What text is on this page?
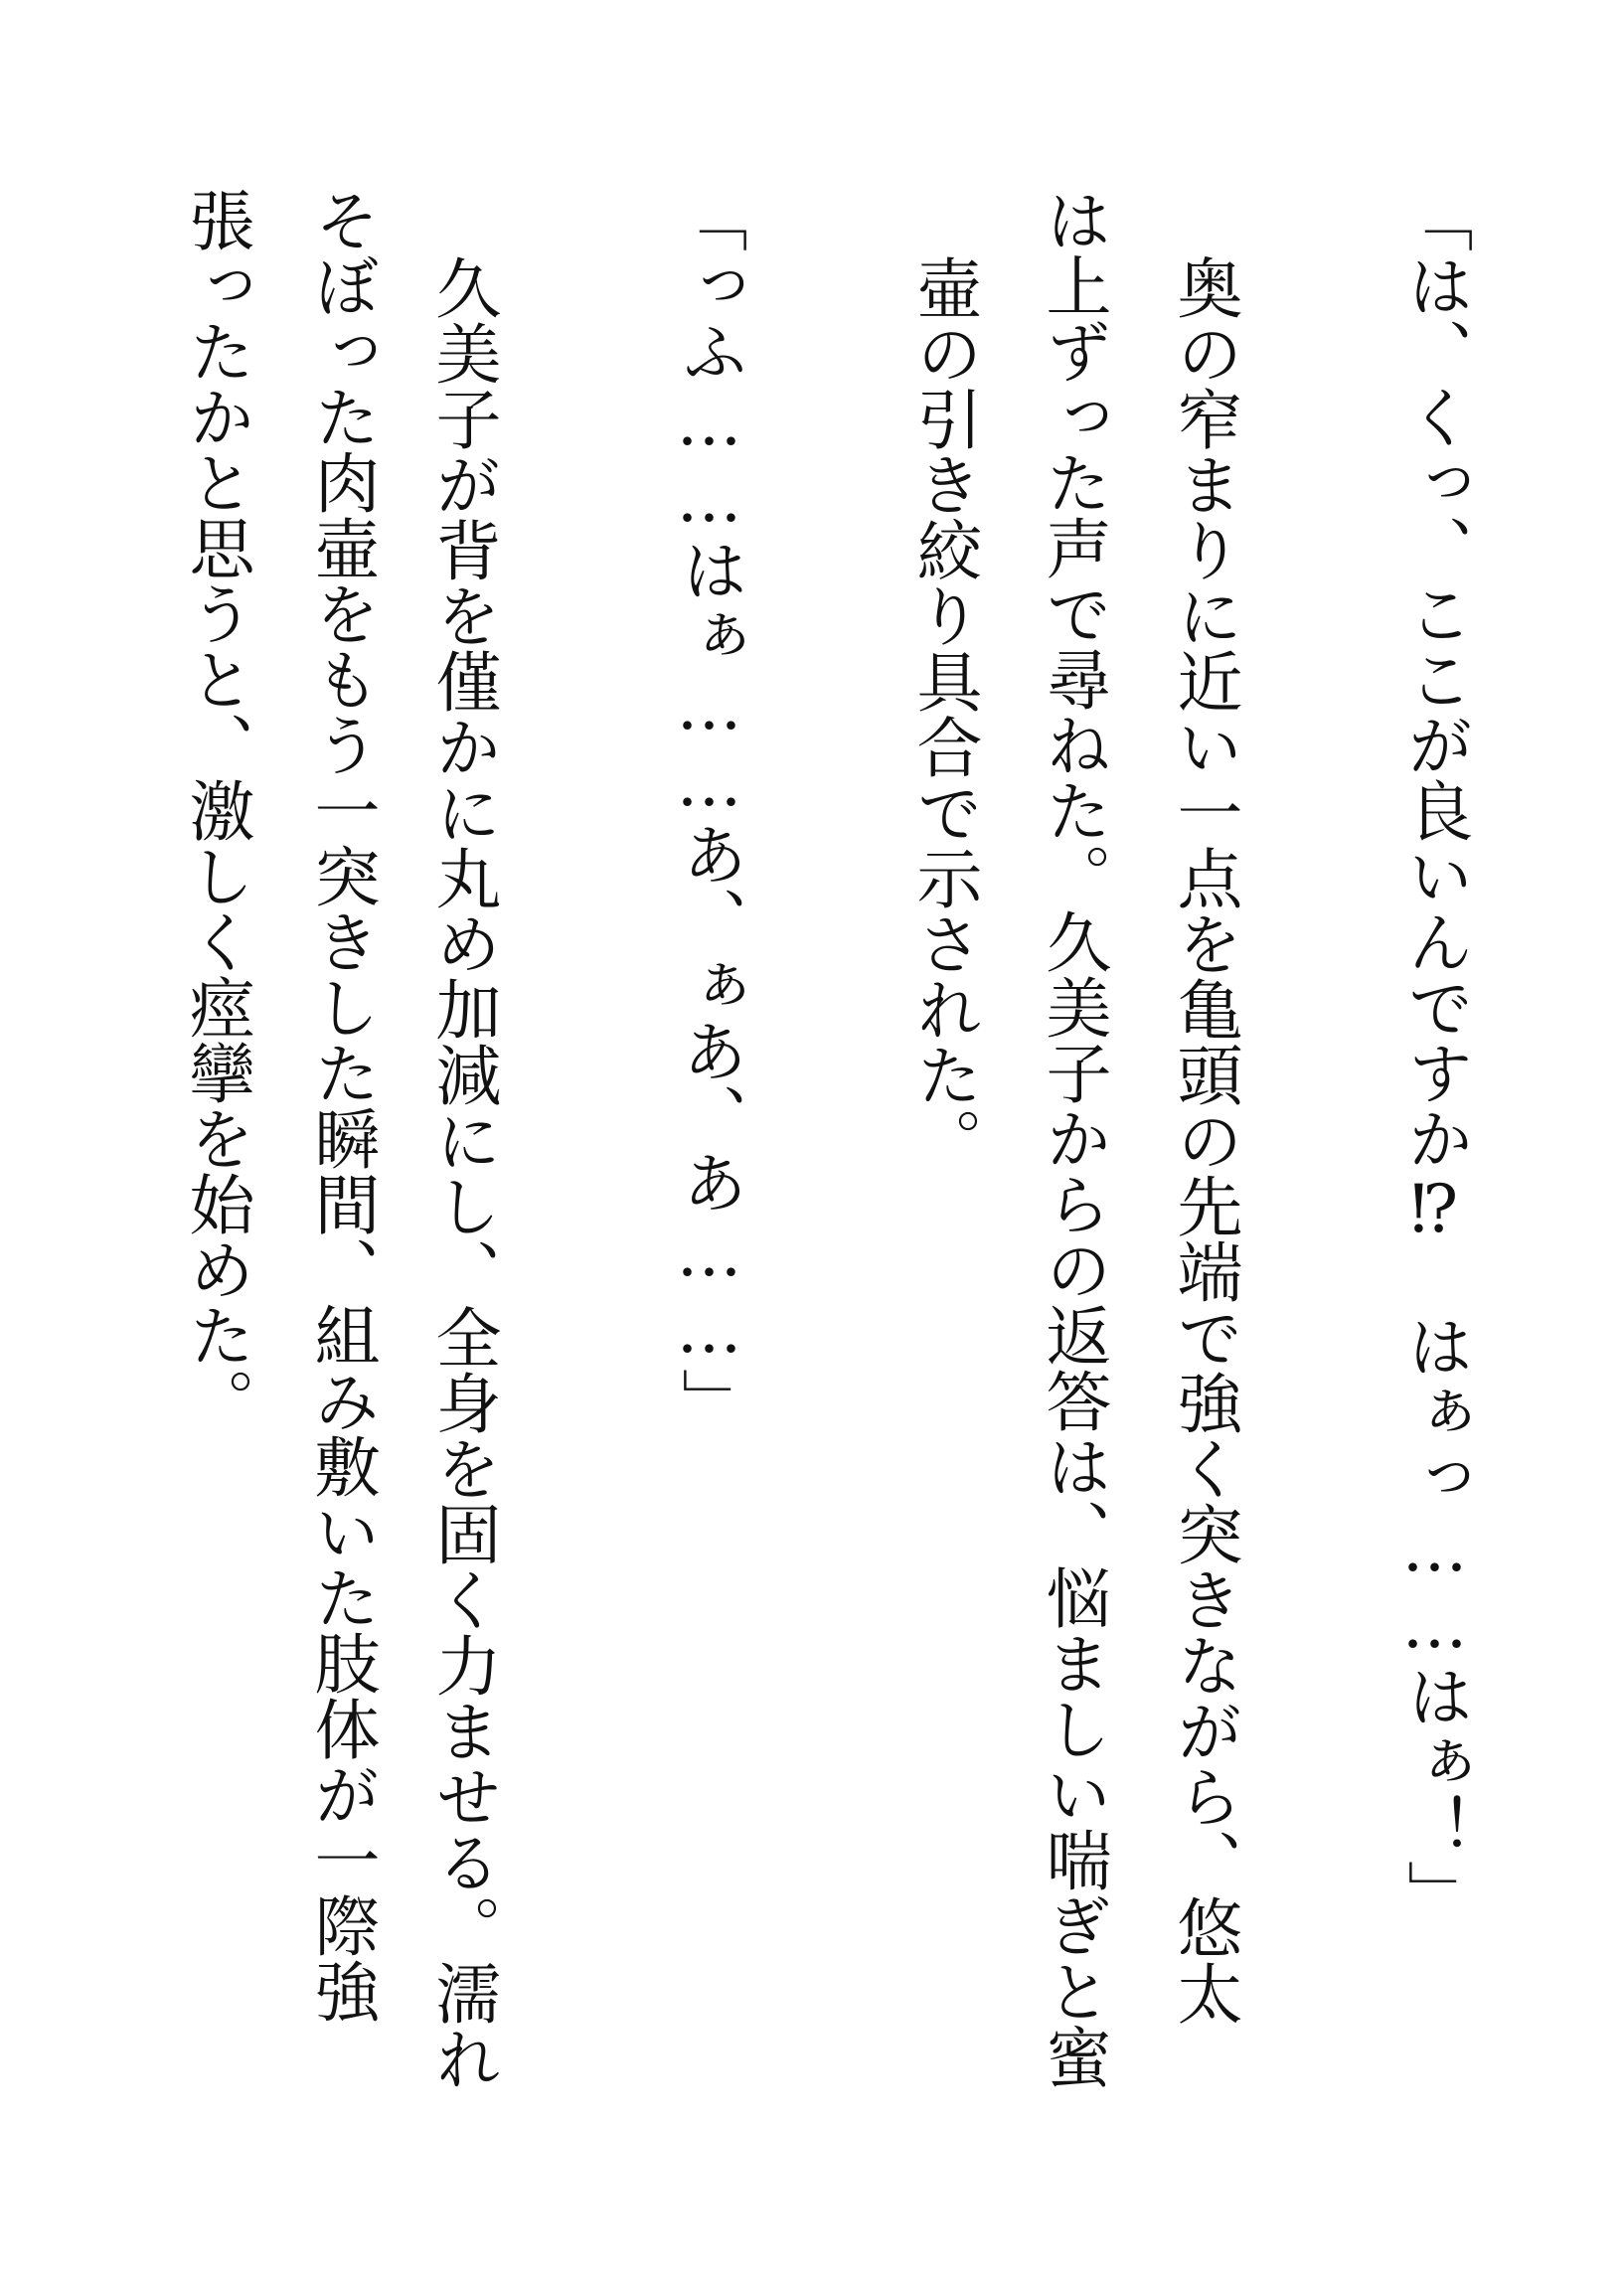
「は、くっ、ここが良いんですか⁉　はぁっ……はぁ！」
奥の窄まりに近い一点を亀頭の先端で強く突きながら、悠太
は上ずった声で尋ねた。久美子からの返答は、悩ましい喘ぎと蜜
壷の引き絞り具合で示された。
「っふ……はぁ……あ、ぁあ、あ……」
久美子が背を僅かに丸め加減にし、全身を固く力ませる。濡れ
そぼった肉壷をもう一突きした瞬間、組み敷いた肢体が一際強
張ったかと思うと、激しく痙攣を始めた。
